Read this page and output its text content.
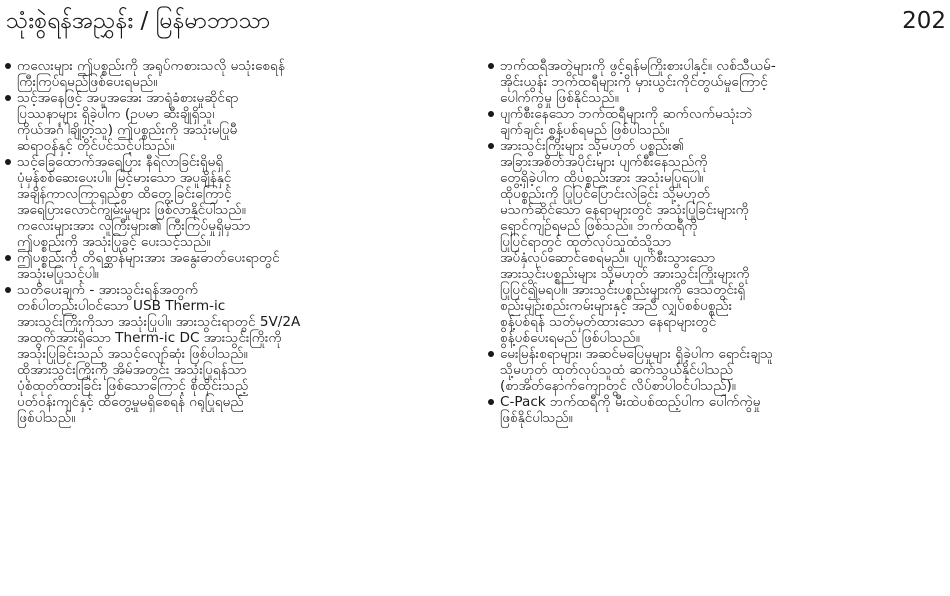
သုံးစွဲရန်အညွှန်း / မြန်မာဘာသာ	202
ကလေးများ ဤပစ္စည်းကို အရုပ်ကစားသလို မသုံးစေရန်
ကြီးကြပ်ရမည်ဖြစ်ပေးရမည်။
သင့်အနေဖြင့် အပူအအေး အာရုံခံစားမှုဆိုင်ရာ
ပြဿနာများ ရှိခဲ့ပါက (ဥပမာ ဆီးချိုရှိသူ၊
ကိုယ်အင်္ဂါချို့တဲ့သူ) ဤပစ္စည်းကို အသုံးမပြုမီ
ဆရာဝန်နှင့် တိုင်ပင်သင့်ပါသည်။
သင့်ခြေထောက်အရေပြား နီရဲလာခြင်းရှိမရှိ
ပုံမှန်စစ်ဆေးပေးပါ။ မြင့်မားသော အပူချိန်နှင့်
အချိန်ကာလကြာရှည်စွာ ထိတွေ့ခြင်းကြောင့်
အရေပြားလောင်ကျွမ်းမှုများ ဖြစ်လာနိုင်ပါသည်။
ကလေးများအား လူကြီးများ၏ ကြီးကြပ်မှုရှိမှသာ
ဤပစ္စည်းကို အသုံးပြုခွင့် ပေးသင့်သည်။
ဤပစ္စည်းကို တိရစ္ဆာန်များအား အနွေးဓာတ်ပေးရာတွင်
အသုံးမပြုသင့်ပါ။
သတိပေးချက် - အားသွင်းရန်အတွက်
တစ်ပါတည်းပါဝင်သော USB Therm-ic
အားသွင်းကြိုးကိုသာ အသုံးပြုပါ။ အားသွင်းရာတွင် 5V/2A
အထွက်အားရှိသော Therm-ic DC အားသွင်းကြိုးကို
အသုံးပြုခြင်းသည် အသင့်လျော်ဆုံး ဖြစ်ပါသည်။
ထိုအားသွင်းကြိုးကို အိမ်အတွင်း အသုံးပြုရန်သာ
ပုံစံထုတ်ထားခြင်း ဖြစ်သောကြောင့် စိုထိုင်းသည့်
ပတ်ဝန်းကျင်နှင့် ထိတွေ့မှုမရှိစေရန် ဂရုပြုရမည်
ဖြစ်ပါသည်။
ဘက်ထရီအတွဲများကို ဖွင့်ရန်မကြိုးစားပါနှင့်။ လစ်သီယမ်-
အိုင်းယွန်း ဘက်ထရီများကို မှားယွင်းကိုင်တွယ်မှုကြောင့်
ပေါက်ကွဲမှု ဖြစ်နိုင်သည်။
ပျက်စီးနေသော ဘက်ထရီများကို ဆက်လက်မသုံးဘဲ
ချက်ချင်း စွန့်ပစ်ရမည် ဖြစ်ပါသည်။
အားသွင်းကြိုးများ သို့မဟုတ် ပစ္စည်း၏
အခြားအစိတ်အပိုင်းများ ပျက်စီးနေသည်ကို
တွေ့ရှိခဲ့ပါက ထိုပစ္စည်းအား အသုံးမပြုရပါ။
ထိုပစ္စည်းကို ပြုပြင်ပြောင်းလဲခြင်း သို့မဟုတ်
မသက်ဆိုင်သော နေရာများတွင် အသုံးပြုခြင်းများကို
ရှောင်ကျဉ်ရမည် ဖြစ်သည်။ ဘက်ထရီကို
ပြုပြင်ရာတွင် ထုတ်လုပ်သူထံသို့သာ
အပ်နှံလုပ်ဆောင်စေရမည်။ ပျက်စီးသွားသော
အားသွင်းပစ္စည်းများ သို့မဟုတ် အားသွင်းကြိုးများကို
ပြုပြင်၍မရပါ။ အားသွင်းပစ္စည်းများကို ဒေသတွင်းရှိ
စည်းမျဉ်းစည်းကမ်းများနှင့် အညီ လျှပ်စစ်ပစ္စည်း
စွန့်ပစ်ရန် သတ်မှတ်ထားသော နေရာများတွင်
စွန့်ပစ်ပေးရမည် ဖြစ်ပါသည်။
မေးမြန်းစရာများ၊ အဆင်မပြေမှုများ ရှိခဲ့ပါက ရောင်းချသူ
သို့မဟုတ် ထုတ်လုပ်သူထံ ဆက်သွယ်နိုင်ပါသည်
(စာအိတ်နောက်ကျောတွင် လိပ်စာပါဝင်ပါသည်)။
C-Pack ဘက်ထရီကို မီးထဲပစ်ထည့်ပါက ပေါက်ကွဲမှု
ဖြစ်နိုင်ပါသည်။
